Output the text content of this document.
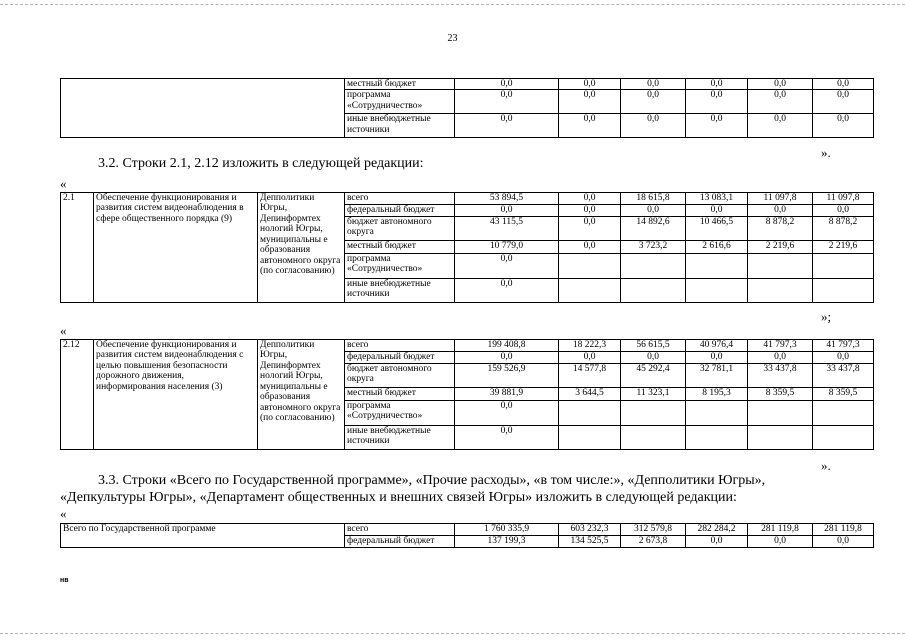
23
	местный бюджет	0,0	0,0	0,0	0,0	0,0	0,0
	программа «Сотрудничество»	0,0	0,0	0,0	0,0	0,0	0,0
	иные внебюджетные источники	0,0	0,0	0,0	0,0	0,0	0,0
».
3.2. Строки 2.1, 2.12 изложить в следующей редакции:
«
2.1	Обеспечение функционирования и развития систем видеонаблюдения в сфере общественного порядка (9)	Депполитики Югры, Депинформтех нологий Югры, муниципальны е образования автономного округа (по согласованию)	всего	53 894,5	0,0	18 615,8	13 083,1	11 097,8	11 097,8
			федеральный бюджет	0,0	0,0	0,0	0,0	0,0	0,0
			бюджет автономного округа	43 115,5	0,0	14 892,6	10 466,5	8 878,2	8 878,2
			местный бюджет	10 779,0	0,0	3 723,2	2 616,6	2 219,6	2 219,6
			программа «Сотрудничество»	0,0					
			иные внебюджетные источники	0,0					
»;
«
2.12	Обеспечение функционирования и развития систем видеонаблюдения с целью повышения безопасности дорожного движения, информирования населения (3)	Депполитики Югры, Депинформтех нологий Югры, муниципальны е образования автономного округа (по согласованию)	всего	199 408,8	18 222,3	56 615,5	40 976,4	41 797,3	41 797,3
			федеральный бюджет	0,0	0,0	0,0	0,0	0,0	0,0
			бюджет автономного округа	159 526,9	14 577,8	45 292,4	32 781,1	33 437,8	33 437,8
			местный бюджет	39 881,9	3 644,5	11 323,1	8 195,3	8 359,5	8 359,5
			программа «Сотрудничество»	0,0					
			иные внебюджетные источники	0,0					
».
3.3. Строки «Всего по Государственной программе», «Прочие расходы», «в том числе:», «Депполитики Югры»,
«Депкультуры Югры», «Департамент общественных и внешних связей Югры» изложить в следующей редакции:
«
Всего по Государственной программе	всего	1 760 335,9	603 232,3	312 579,8	282 284,2	281 119,8	281 119,8
	федеральный бюджет	137 199,3	134 525,5	2 673,8	0,0	0,0	0,0
нв
